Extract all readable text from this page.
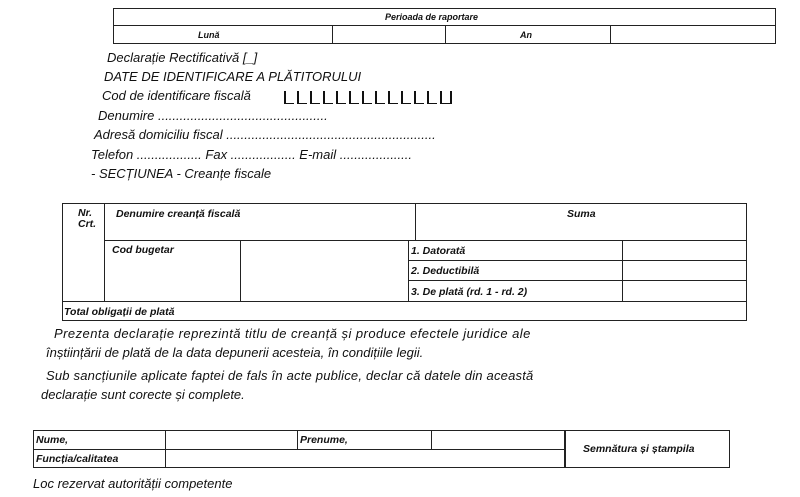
Perioada de raportare
Lună	An
Declarație Rectificativă [_]
DATE DE IDENTIFICARE A PLĂTITORULUI
Cod de identificare fiscală
Denumire ...............................................
Adresă domiciliu fiscal ..........................................................
Telefon .................. Fax .................. E-mail ....................
- SECȚIUNEA - Creanțe fiscale
Nr. Crt.
Denumire creanță fiscală	Suma
Cod bugetar	1. Datorată
2. Deductibilă
3. De plată (rd. 1 - rd. 2)
Total obligații de plată
Prezenta declarație reprezintă titlu de creanță și produce efectele juridice ale
înștiințării de plată de la data depunerii acesteia, în condițiile legii.
Sub sancțiunile aplicate faptei de fals în acte publice, declar că datele din această
declarație sunt corecte și complete.
Nume,	Prenume,
Funcția/calitatea
Semnătura și ștampila
Loc rezervat autorității competente
